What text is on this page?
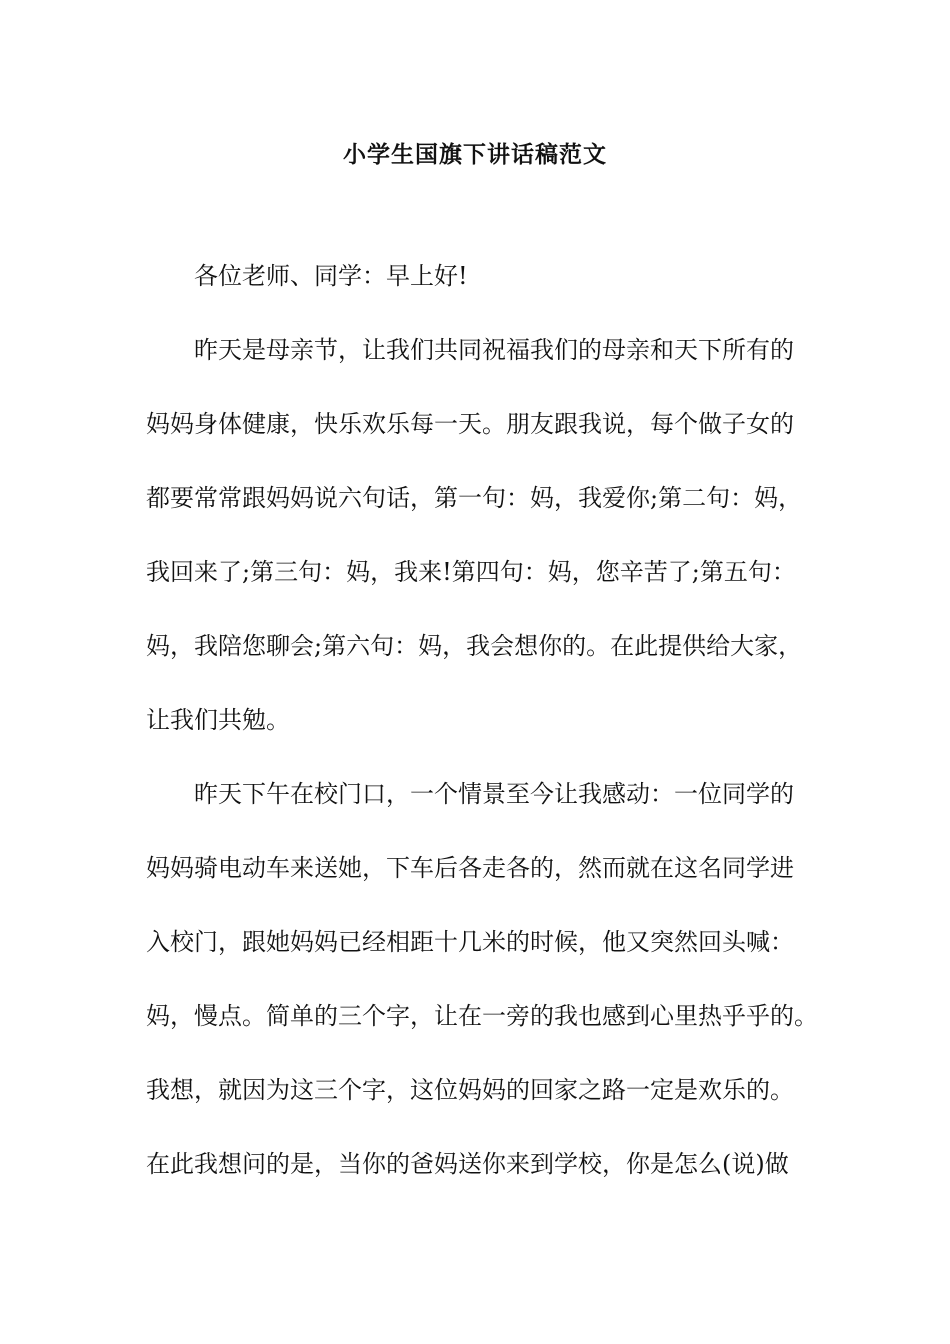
小学生国旗下讲话稿范文
各位老师、同学：早上好!
昨天是母亲节，让我们共同祝福我们的母亲和天下所有的
妈妈身体健康，快乐欢乐每一天。朋友跟我说，每个做子女的
都要常常跟妈妈说六句话，第一句：妈，我爱你;第二句：妈，
我回来了;第三句：妈，我来!第四句：妈，您辛苦了;第五句：
妈，我陪您聊会;第六句：妈，我会想你的。在此提供给大家，
让我们共勉。
昨天下午在校门口，一个情景至今让我感动：一位同学的
妈妈骑电动车来送她，下车后各走各的，然而就在这名同学进
入校门，跟她妈妈已经相距十几米的时候，他又突然回头喊：
妈，慢点。简单的三个字，让在一旁的我也感到心里热乎乎的。
我想，就因为这三个字，这位妈妈的回家之路一定是欢乐的。
在此我想问的是，当你的爸妈送你来到学校，你是怎么(说)做
